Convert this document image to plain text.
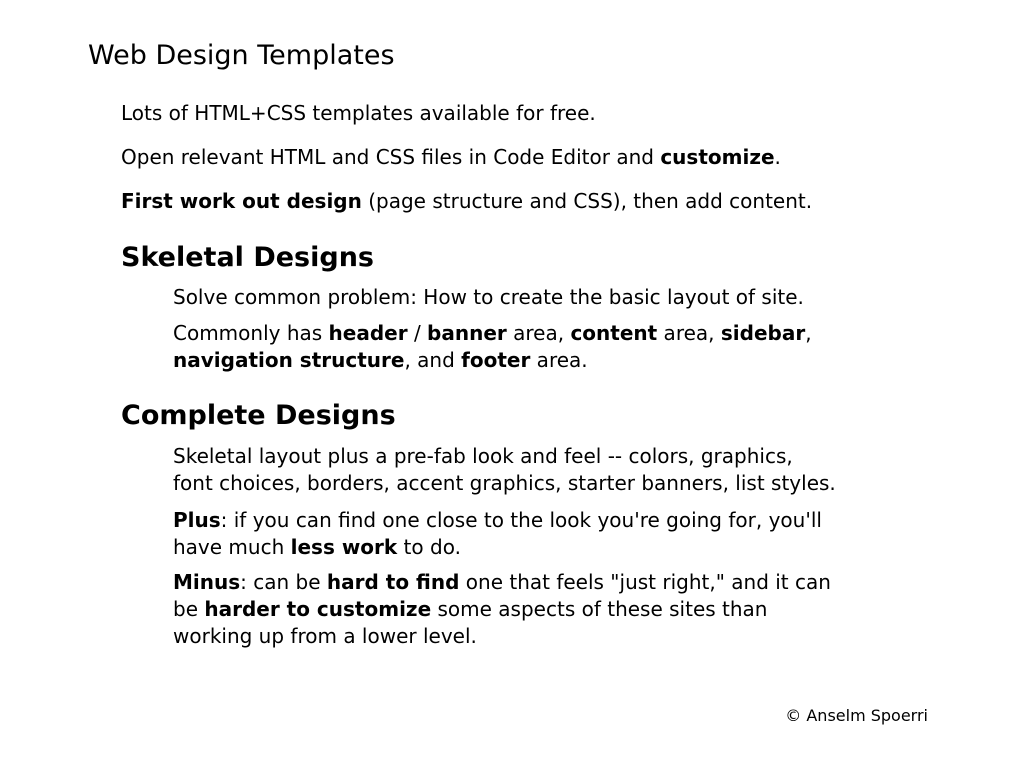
Web Design Templates

Lots of HTML+CSS templates available for free.

Open relevant HTML and CSS files in Code Editor and customize.

First work out design (page structure and CSS), then add content.

Skeletal Designs

Solve common problem: How to create the basic layout of site.

Commonly has header / banner area, content area, sidebar,
navigation structure, and footer area.

Complete Designs

Skeletal layout plus a pre-fab look and feel -- colors, graphics,
font choices, borders, accent graphics, starter banners, list styles.

Plus: if you can find one close to the look you're going for, you'll
have much less work to do.

Minus: can be hard to find one that feels "just right," and it can
be harder to customize some aspects of these sites than
working up from a lower level.

© Anselm Spoerri
